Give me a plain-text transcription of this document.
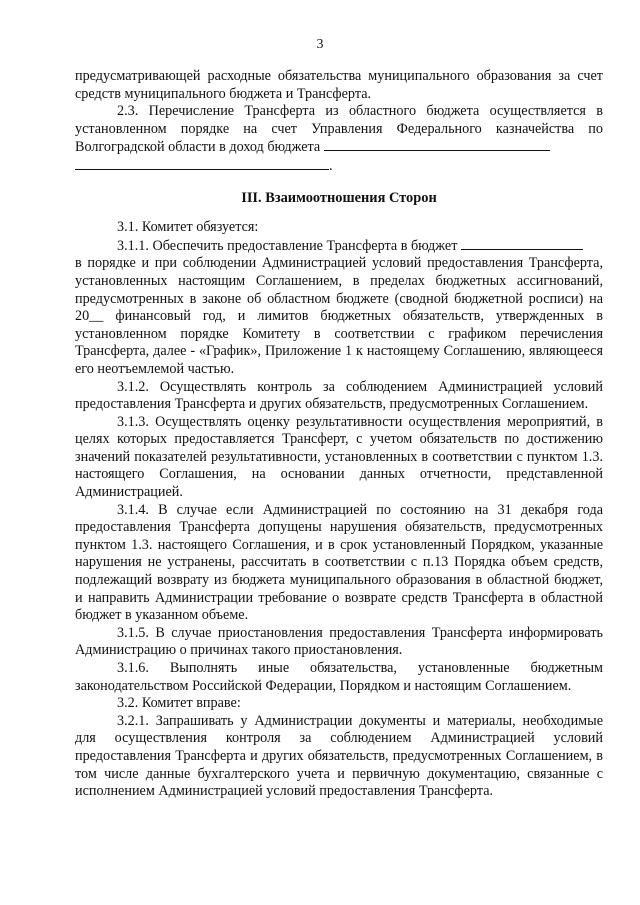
3

предусматривающей расходные обязательства муниципального образования за счет средств муниципального бюджета и Трансферта.

2.3. Перечисление Трансферта из областного бюджета осуществляется в установленном порядке на счет Управления Федерального казначейства по Волгоградской области в доход бюджета
.

III. Взаимоотношения Сторон

3.1. Комитет обязуется:

3.1.1. Обеспечить предоставление Трансферта в бюджет

в порядке и при соблюдении Администрацией условий предоставления Трансферта, установленных настоящим Соглашением, в пределах бюджетных ассигнований, предусмотренных в законе об областном бюджете (сводной бюджетной росписи) на 20__ финансовый год, и лимитов бюджетных обязательств, утвержденных в установленном порядке Комитету в соответствии с графиком перечисления Трансферта, далее - «График», Приложение 1 к настоящему Соглашению, являющееся его неотъемлемой частью.

3.1.2. Осуществлять контроль за соблюдением Администрацией условий предоставления Трансферта и других обязательств, предусмотренных Соглашением.

3.1.3. Осуществлять оценку результативности осуществления мероприятий, в целях которых предоставляется Трансферт, с учетом обязательств по достижению значений показателей результативности, установленных в соответствии с пунктом 1.3. настоящего Соглашения, на основании данных отчетности, представленной Администрацией.

3.1.4. В случае если Администрацией по состоянию на 31 декабря года предоставления Трансферта допущены нарушения обязательств, предусмотренных пунктом 1.3. настоящего Соглашения, и в срок установленный Порядком, указанные нарушения не устранены, рассчитать в соответствии с п.13 Порядка объем средств, подлежащий возврату из бюджета муниципального образования в областной бюджет, и направить Администрации требование о возврате средств Трансферта в областной бюджет в указанном объеме.

3.1.5. В случае приостановления предоставления Трансферта информировать Администрацию о причинах такого приостановления.

3.1.6. Выполнять иные обязательства, установленные бюджетным законодательством Российской Федерации, Порядком и настоящим Соглашением.

3.2. Комитет вправе:

3.2.1. Запрашивать у Администрации документы и материалы, необходимые для осуществления контроля за соблюдением Администрацией условий предоставления Трансферта и других обязательств, предусмотренных Соглашением, в том числе данные бухгалтерского учета и первичную документацию, связанные с исполнением Администрацией условий предоставления Трансферта.
